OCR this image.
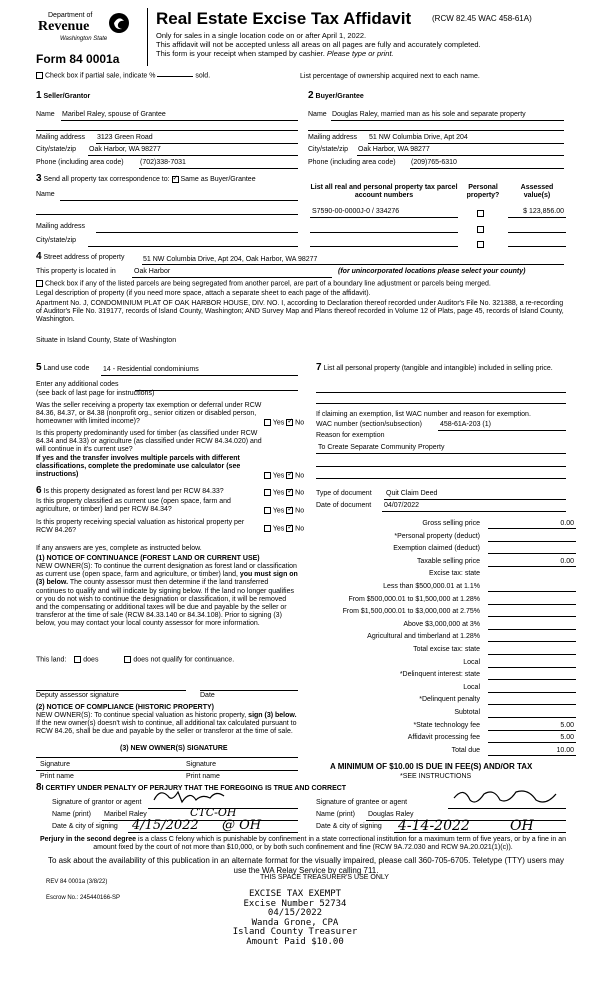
Department of
Revenue
Washington State
Form 84 0001a
Real Estate Excise Tax Affidavit	(RCW 82.45 WAC 458-61A)
Only for sales in a single location code on or after April 1, 2022.
This affidavit will not be accepted unless all areas on all pages are fully and accurately completed.
This form is your receipt when stamped by cashier. Please type or print.
Check box if partial sale, indicate %	sold.	List percentage of ownership acquired next to each name.
1 Seller/Grantor
Name Maribel Raley, spouse of Grantee
Mailing address 3123 Green Road
City/state/zip Oak Harbor, WA 98277
Phone (including area code) (702)338-7031
2 Buyer/Grantee
Name Douglas Raley, married man as his sole and separate property
Mailing address 51 NW Columbia Drive, Apt 204
City/state/zip Oak Harbor, WA 98277
Phone (including area code) (209)765-6310
3 Send all property tax correspondence to: ✓ Same as Buyer/Grantee
Name
Mailing address
City/state/zip
List all real and personal property tax parcel account numbers
Personal property?
Assessed value(s)
S7590-00-0000J-0 / 334276	$ 123,856.00
4 Street address of property	51 NW Columbia Drive, Apt 204, Oak Harbor, WA 98277
This property is located in	Oak Harbor	(for unincorporated locations please select your county)
Check box if any of the listed parcels are being segregated from another parcel, are part of a boundary line adjustment or parcels being merged.
Legal description of property (if you need more space, attach a separate sheet to each page of the affidavit).
Apartment No. J, CONDOMINIUM PLAT OF OAK HARBOR HOUSE, DIV. NO. I, according to Declaration thereof recorded under Auditor's File No. 321388, a re-recording of Auditor's File No. 319177, records of Island County, Washington; AND Survey Map and Plans thereof recorded in Volume 12 of Plats, page 45, records of Island County, Washington.
Situate in Island County, State of Washington
5 Land use code 14 - Residential condominiums
Enter any additional codes
(see back of last page for instructions)
Was the seller receiving a property tax exemption or deferral under RCW 84.36, 84.37, or 84.38 (nonprofit org., senior citizen or disabled person, homeowner with limited income)?	Yes ✓ No
Is this property predominantly used for timber (as classified under RCW 84.34 and 84.33) or agriculture (as classified under RCW 84.34.020) and will continue in it's current use?
If yes and the transfer involves multiple parcels with different classifications, complete the predominate use calculator (see instructions)	Yes ✓ No
6 Is this property designated as forest land per RCW 84.33?	Yes ✓ No
Is this property classified as current use (open space, farm and agriculture, or timber) land per RCW 84.34?	Yes ✓ No
Is this property receiving special valuation as historical property per RCW 84.26?	Yes ✓ No
If any answers are yes, complete as instructed below.
(1) NOTICE OF CONTINUANCE (FOREST LAND OR CURRENT USE)
NEW OWNER(S): To continue the current designation as forest land or classification as current use (open space, farm and agriculture, or timber) land, you must sign on (3) below. The county assessor must then determine if the land transferred continues to qualify and will indicate by signing below. If the land no longer qualifies or you do not wish to continue the designation or classification, it will be removed and the compensating or additional taxes will be due and payable by the seller or transferor at the time of sale (RCW 84.33.140 or 84.34.108). Prior to signing (3) below, you may contact your local county assessor for more information.
This land: does	does not qualify for continuance.
Deputy assessor signature	Date
(2) NOTICE OF COMPLIANCE (HISTORIC PROPERTY)
NEW OWNER(S): To continue special valuation as historic property, sign (3) below. If the new owner(s) doesn't wish to continue, all additional tax calculated pursuant to RCW 84.26, shall be due and payable by the seller or transferor at the time of sale.
(3) NEW OWNER(S) SIGNATURE
Signature	Signature
Print name	Print name
7 List all personal property (tangible and intangible) included in selling price.
If claiming an exemption, list WAC number and reason for exemption.
WAC number (section/subsection)	458-61A-203 (1)
Reason for exemption
To Create Separate Community Property
Type of document Quit Claim Deed
Date of document 04/07/2022
Gross selling price	0.00
*Personal property (deduct)
Exemption claimed (deduct)
Taxable selling price	0.00
Excise tax: state
Less than $500,000.01 at 1.1%
From $500,000.01 to $1,500,000 at 1.28%
From $1,500,000.01 to $3,000,000 at 2.75%
Above $3,000,000 at 3%
Agricultural and timberland at 1.28%
Total excise tax: state
Local
*Delinquent interest: state
Local
*Delinquent penalty
Subtotal
*State technology fee	5.00
Affidavit processing fee	5.00
Total due	10.00
A MINIMUM OF $10.00 IS DUE IN FEE(S) AND/OR TAX
*SEE INSTRUCTIONS
8I CERTIFY UNDER PENALTY OF PERJURY THAT THE FOREGOING IS TRUE AND CORRECT
Signature of grantor or agent
Name (print) Maribel Raley	CTC-OH
Date & city of signing 4/15/2022 @ OH
Signature of grantee or agent
Name (print) Douglas Raley
Date & city of signing 4-14-2022	OH
Perjury in the second degree is a class C felony which is punishable by confinement in a state correctional institution for a maximum term of five years, or by a fine in an amount fixed by the court of not more than $10,000, or by both such confinement and fine (RCW 9A.72.030 and RCW 9A.20.021(1)(c)).
To ask about the availability of this publication in an alternate format for the visually impaired, please call 360-705-6705. Teletype (TTY) users may use the WA Relay Service by calling 711.
REV 84 0001a (3/8/22)
THIS SPACE TREASURER'S USE ONLY
Escrow No.: 245440166-SP	EXCISE TAX EXEMPT
Excise Number 52734
04/15/2022
Wanda Grone, CPA
Island County Treasurer
Amount Paid $10.00
